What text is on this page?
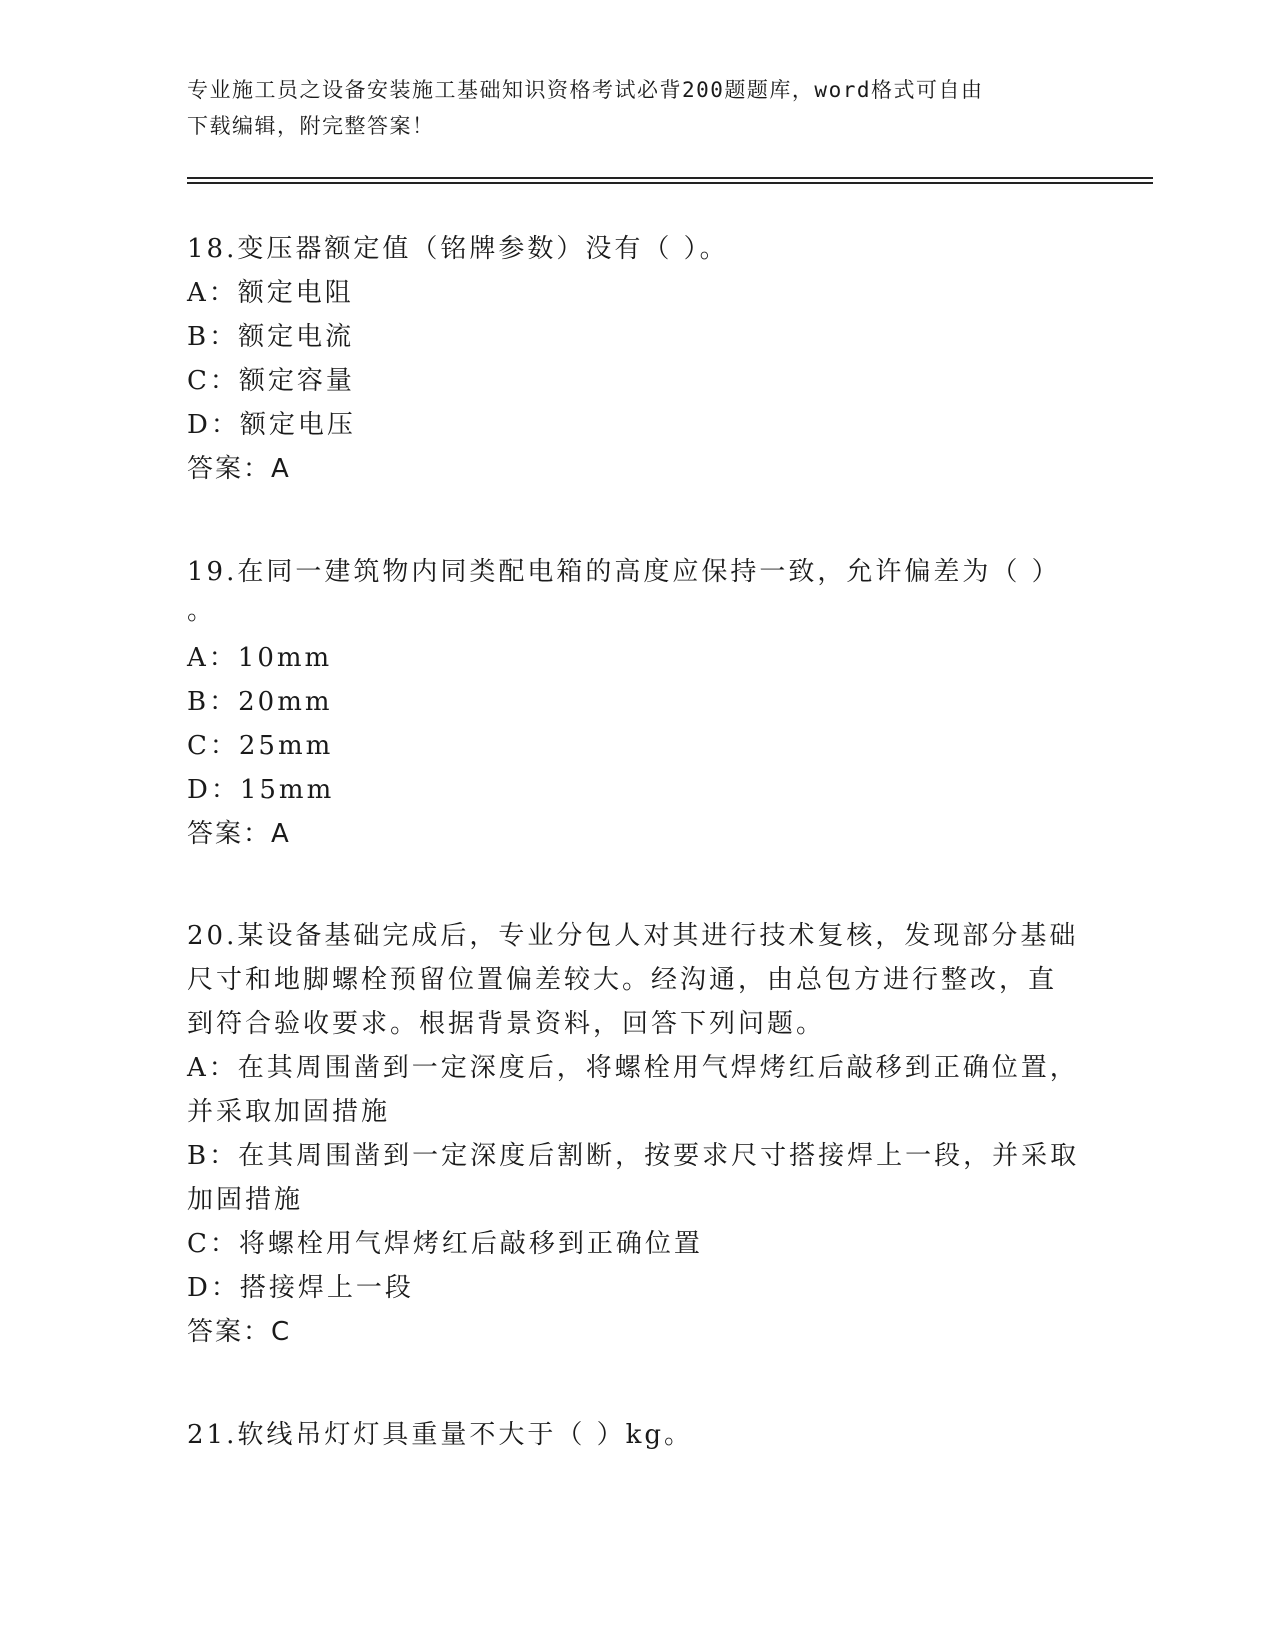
专业施工员之设备安装施工基础知识资格考试必背200题题库，word格式可自由
下载编辑，附完整答案！
18.变压器额定值（铭牌参数）没有（ ）。
A：额定电阻
B：额定电流
C：额定容量
D：额定电压
答案：A
19.在同一建筑物内同类配电箱的高度应保持一致，允许偏差为（ ）
。
A：10mm
B：20mm
C：25mm
D：15mm
答案：A
20.某设备基础完成后，专业分包人对其进行技术复核，发现部分基础
尺寸和地脚螺栓预留位置偏差较大。经沟通，由总包方进行整改，直
到符合验收要求。根据背景资料，回答下列问题。
A：在其周围凿到一定深度后，将螺栓用气焊烤红后敲移到正确位置，
并采取加固措施
B：在其周围凿到一定深度后割断，按要求尺寸搭接焊上一段，并采取
加固措施
C：将螺栓用气焊烤红后敲移到正确位置
D：搭接焊上一段
答案：C
21.软线吊灯灯具重量不大于（ ）kg。
